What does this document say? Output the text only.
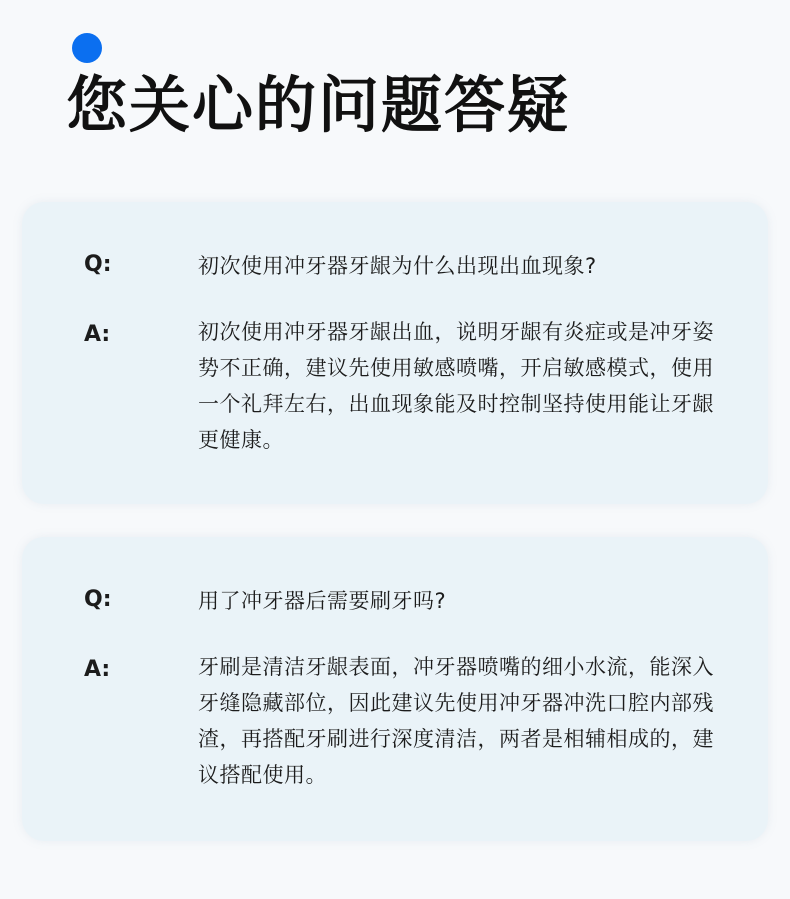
您关心的问题答疑
Q:	初次使用冲牙器牙龈为什么出现出血现象?
A:	初次使用冲牙器牙龈出血，说明牙龈有炎症或是冲牙姿势不正确，建议先使用敏感喷嘴，开启敏感模式，使用一个礼拜左右，出血现象能及时控制坚持使用能让牙龈更健康。
Q:	用了冲牙器后需要刷牙吗?
A:	牙刷是清洁牙龈表面，冲牙器喷嘴的细小水流，能深入牙缝隐藏部位，因此建议先使用冲牙器冲洗口腔内部残渣，再搭配牙刷进行深度清洁，两者是相辅相成的，建议搭配使用。
